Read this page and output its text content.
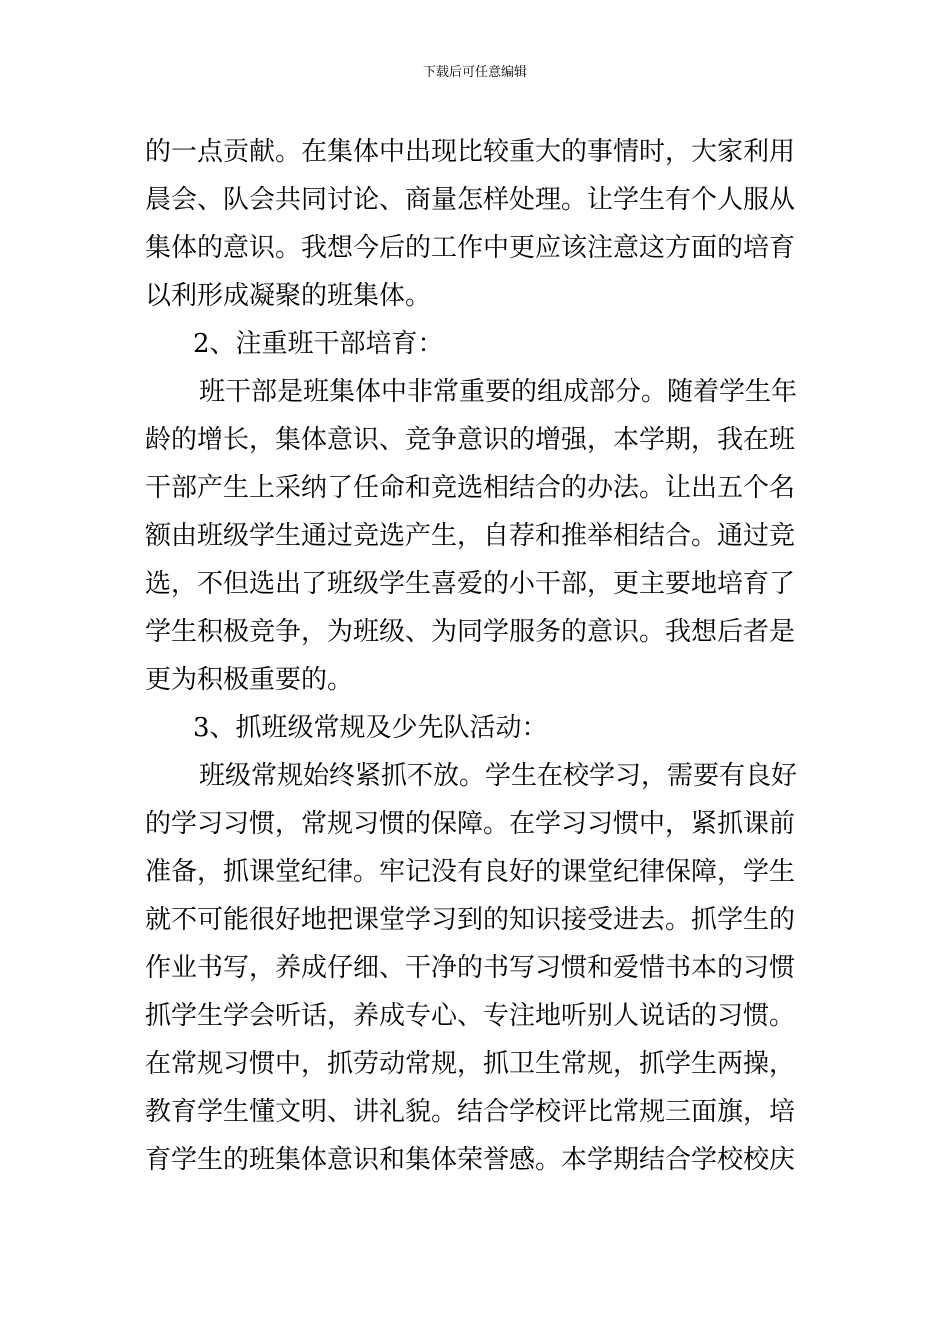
下载后可任意编辑
的一点贡献。在集体中出现比较重大的事情时，大家利用
晨会、队会共同讨论、商量怎样处理。让学生有个人服从
集体的意识。我想今后的工作中更应该注意这方面的培育
以利形成凝聚的班集体。
2、注重班干部培育：
班干部是班集体中非常重要的组成部分。随着学生年
龄的增长，集体意识、竞争意识的增强，本学期，我在班
干部产生上采纳了任命和竞选相结合的办法。让出五个名
额由班级学生通过竞选产生，自荐和推举相结合。通过竞
选，不但选出了班级学生喜爱的小干部，更主要地培育了
学生积极竞争，为班级、为同学服务的意识。我想后者是
更为积极重要的。
3、抓班级常规及少先队活动：
班级常规始终紧抓不放。学生在校学习，需要有良好
的学习习惯，常规习惯的保障。在学习习惯中，紧抓课前
准备，抓课堂纪律。牢记没有良好的课堂纪律保障，学生
就不可能很好地把课堂学习到的知识接受进去。抓学生的
作业书写，养成仔细、干净的书写习惯和爱惜书本的习惯
抓学生学会听话，养成专心、专注地听别人说话的习惯。
在常规习惯中，抓劳动常规，抓卫生常规，抓学生两操，
教育学生懂文明、讲礼貌。结合学校评比常规三面旗，培
育学生的班集体意识和集体荣誉感。本学期结合学校校庆
